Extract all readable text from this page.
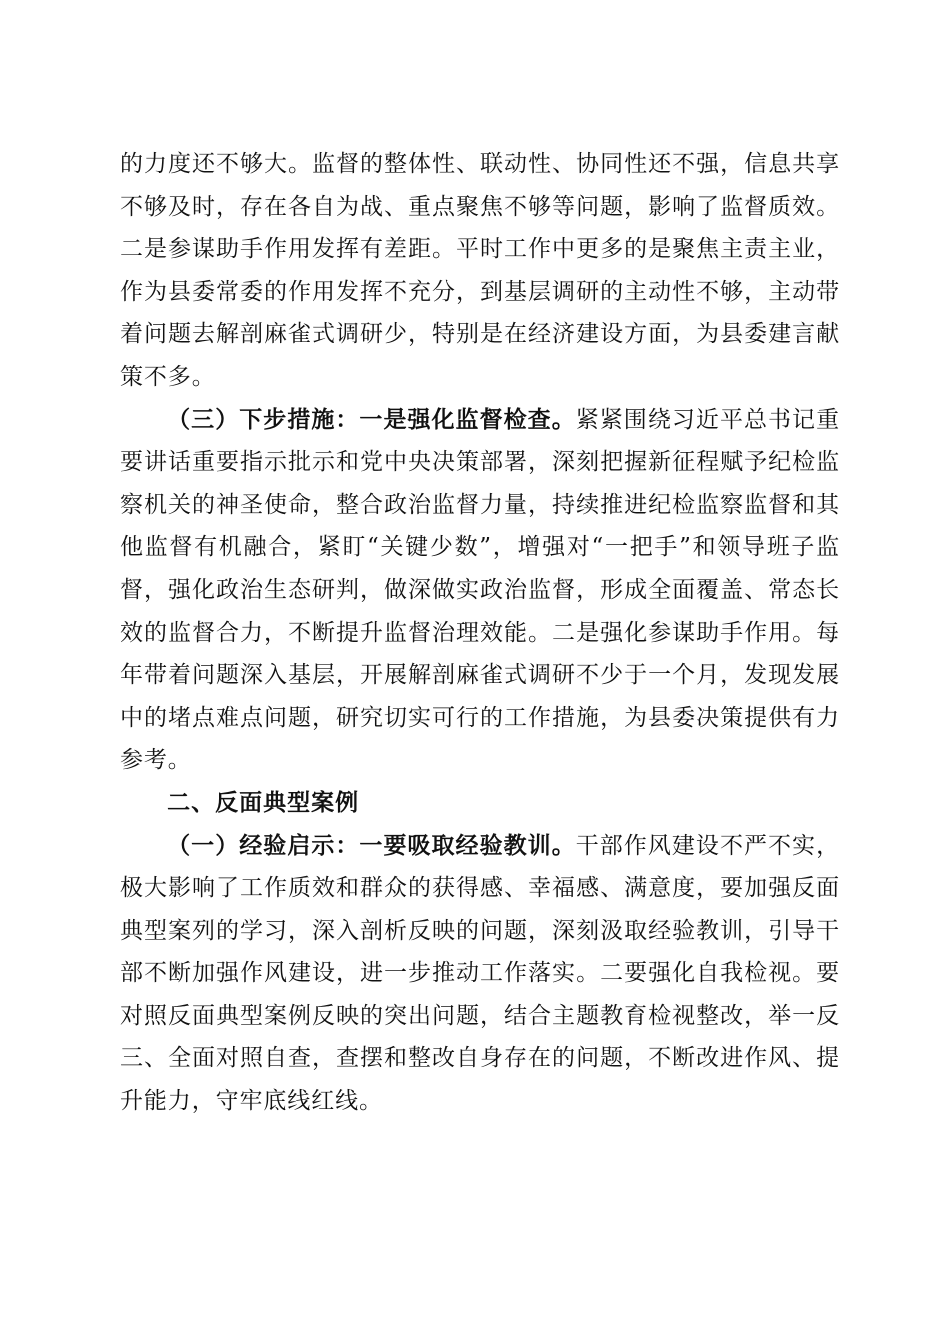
的力度还不够大。监督的整体性、联动性、协同性还不强，信息共享不够及时，存在各自为战、重点聚焦不够等问题，影响了监督质效。二是参谋助手作用发挥有差距。平时工作中更多的是聚焦主责主业，作为县委常委的作用发挥不充分，到基层调研的主动性不够，主动带着问题去解剖麻雀式调研少，特别是在经济建设方面，为县委建言献策不多。

（三）下步措施：一是强化监督检查。紧紧围绕习近平总书记重要讲话重要指示批示和党中央决策部署，深刻把握新征程赋予纪检监察机关的神圣使命，整合政治监督力量，持续推进纪检监察监督和其他监督有机融合，紧盯“关键少数”，增强对“一把手”和领导班子监督，强化政治生态研判，做深做实政治监督，形成全面覆盖、常态长效的监督合力，不断提升监督治理效能。二是强化参谋助手作用。每年带着问题深入基层，开展解剖麻雀式调研不少于一个月，发现发展中的堵点难点问题，研究切实可行的工作措施，为县委决策提供有力参考。

二、反面典型案例

（一）经验启示：一要吸取经验教训。干部作风建设不严不实，极大影响了工作质效和群众的获得感、幸福感、满意度，要加强反面典型案列的学习，深入剖析反映的问题，深刻汲取经验教训，引导干部不断加强作风建设，进一步推动工作落实。二要强化自我检视。要对照反面典型案例反映的突出问题，结合主题教育检视整改，举一反三、全面对照自查，查摆和整改自身存在的问题，不断改进作风、提升能力，守牢底线红线。
